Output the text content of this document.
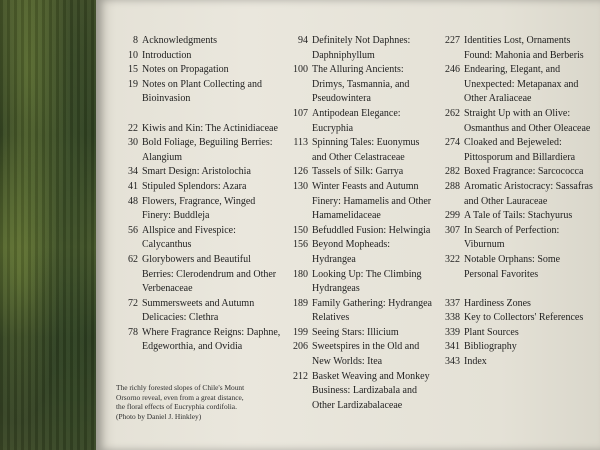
8 Acknowledgments
10 Introduction
15 Notes on Propagation
19 Notes on Plant Collecting and Bioinvasion
22 Kiwis and Kin: The Actinidiaceae
30 Bold Foliage, Beguiling Berries: Alangium
34 Smart Design: Aristolochia
41 Stipuled Splendors: Azara
48 Flowers, Fragrance, Winged Finery: Buddleja
56 Allspice and Fivespice: Calycanthus
62 Glorybowers and Beautiful Berries: Clerodendrum and Other Verbenaceae
72 Summersweets and Autumn Delicacies: Clethra
78 Where Fragrance Reigns: Daphne, Edgeworthia, and Ovidia
94 Definitely Not Daphnes: Daphniphyllum
100 The Alluring Ancients: Drimys, Tasmannia, and Pseudowintera
107 Antipodean Elegance: Eucryphia
113 Spinning Tales: Euonymus and Other Celastraceae
126 Tassels of Silk: Garrya
130 Winter Feasts and Autumn Finery: Hamamelis and Other Hamamelidaceae
150 Befuddled Fusion: Helwingia
156 Beyond Mopheads: Hydrangea
180 Looking Up: The Climbing Hydrangeas
189 Family Gathering: Hydrangea Relatives
199 Seeing Stars: Illicium
206 Sweetspires in the Old and New Worlds: Itea
212 Basket Weaving and Monkey Business: Lardizabala and Other Lardizabalaceae
227 Identities Lost, Ornaments Found: Mahonia and Berberis
246 Endearing, Elegant, and Unexpected: Metapanax and Other Araliaceae
262 Straight Up with an Olive: Osmanthus and Other Oleaceae
274 Cloaked and Bejeweled: Pittosporum and Billardiera
282 Boxed Fragrance: Sarcococca
288 Aromatic Aristocracy: Sassafras and Other Lauraceae
299 A Tale of Tails: Stachyurus
307 In Search of Perfection: Viburnum
322 Notable Orphans: Some Personal Favorites
337 Hardiness Zones
338 Key to Collectors' References
339 Plant Sources
341 Bibliography
343 Index
The richly forested slopes of Chile's Mount Orsorno reveal, even from a great distance, the floral effects of Eucryphia cordifolia. (Photo by Daniel J. Hinkley)
